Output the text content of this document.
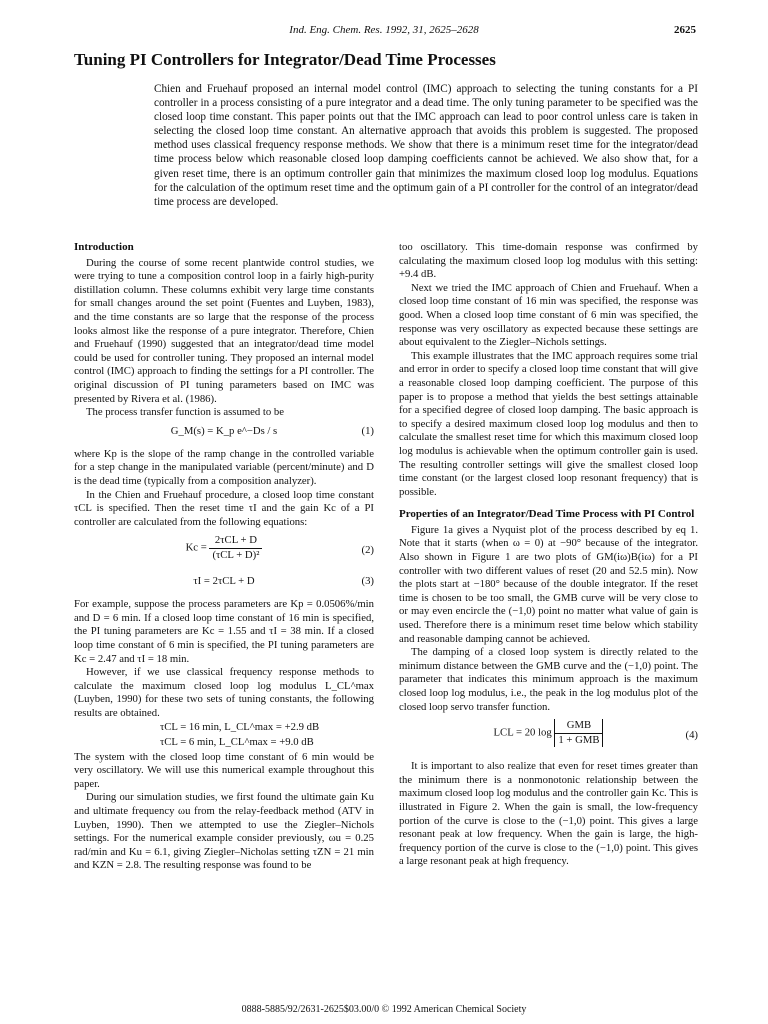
Ind. Eng. Chem. Res. 1992, 31, 2625–2628	2625
Tuning PI Controllers for Integrator/Dead Time Processes
Chien and Fruehauf proposed an internal model control (IMC) approach to selecting the tuning constants for a PI controller in a process consisting of a pure integrator and a dead time. The only tuning parameter to be specified was the closed loop time constant. This paper points out that the IMC approach can lead to poor control unless care is taken in selecting the closed loop time constant. An alternative approach that avoids this problem is suggested. The proposed method uses classical frequency response methods. We show that there is a minimum reset time for the integrator/dead time process below which reasonable closed loop damping coefficients cannot be achieved. We also show that, for a given reset time, there is an optimum controller gain that minimizes the maximum closed loop log modulus. Equations for the calculation of the optimum reset time and the optimum gain of a PI controller for the control of an integrator/dead time process are developed.
Introduction

During the course of some recent plantwide control studies, we were trying to tune a composition control loop in a fairly high-purity distillation column. These columns exhibit very large time constants for small changes around the set point (Fuentes and Luyben, 1983), and the time constants are so large that the response of the process looks almost like the response of a pure integrator. Therefore, Chien and Fruehauf (1990) suggested that an integrator/dead time model could be used for controller tuning. They proposed an internal model control (IMC) approach to finding the settings for a PI controller. The original discussion of PI tuning parameters based on IMC was presented by Rivera et al. (1986).

The process transfer function is assumed to be

G_M(s) = K_p e^−Ds / s	(1)

where Kp is the slope of the ramp change in the controlled variable for a step change in the manipulated variable (percent/minute) and D is the dead time (typically from a composition analyzer).

In the Chien and Fruehauf procedure, a closed loop time constant τCL is specified. Then the reset time τI and the gain Kc of a PI controller are calculated from the following equations:

$Kc = \frac{\text{2τCL + D}}{\text{(τCL + D)²}}$	(2)
τI = 2τCL + D	(3)

For example, suppose the process parameters are Kp = 0.0506%/min and D = 6 min. If a closed loop time constant of 16 min is specified, the PI tuning parameters are Kc = 1.55 and τI = 38 min. If a closed loop time constant of 6 min is specified, the PI tuning parameters are Kc = 2.47 and τI = 18 min.

However, if we use classical frequency response methods to calculate the maximum closed loop log modulus L_CL^max (Luyben, 1990) for these two sets of tuning constants, the following results are obtained.

τCL = 16 min, L_CL^max = +2.9 dB
τCL = 6 min, L_CL^max = +9.0 dB

The system with the closed loop time constant of 6 min would be very oscillatory. We will use this numerical example throughout this paper.

During our simulation studies, we first found the ultimate gain Ku and ultimate frequency ωu from the relay-feedback method (ATV in Luyben, 1990). Then we attempted to use the Ziegler–Nichols settings. For the numerical example consider previously, ωu = 0.25 rad/min and Ku = 6.1, giving Ziegler–Nicholas setting τZN = 21 min and KZN = 2.8. The resulting response was found to be

too oscillatory. This time-domain response was confirmed by calculating the maximum closed loop log modulus with this setting: +9.4 dB.

Next we tried the IMC approach of Chien and Fruehauf. When a closed loop time constant of 16 min was specified, the response was good. When a closed loop time constant of 6 min was specified, the response was very oscillatory as expected because these settings are about equivalent to the Ziegler–Nichols settings.

This example illustrates that the IMC approach requires some trial and error in order to specify a closed loop time constant that will give a reasonable closed loop damping coefficient. The purpose of this paper is to propose a method that yields the best settings attainable for a specified degree of closed loop damping. The basic approach is to specify a desired maximum closed loop log modulus and then to calculate the smallest reset time for which this maximum closed loop log modulus is achievable when the optimum controller gain is used. The resulting controller settings will give the smallest closed loop time constant (or the largest closed loop resonant frequency) that is possible.

Properties of an Integrator/Dead Time Process with PI Control

Figure 1a gives a Nyquist plot of the process described by eq 1. Note that it starts (when ω = 0) at −90° because of the integrator. Also shown in Figure 1 are two plots of GM(iω)B(iω) for a PI controller with two different values of reset (20 and 52.5 min). Now the plots start at −180° because of the double integrator. If the reset time is chosen to be too small, the GMB curve will be very close to or may even encircle the (−1,0) point no matter what value of gain is used. Therefore there is a minimum reset time below which stability and reasonable damping cannot be achieved.

The damping of a closed loop system is directly related to the minimum distance between the GMB curve and the (−1,0) point. The parameter that indicates this minimum approach is the maximum closed loop log modulus, i.e., the peak in the log modulus plot of the closed loop servo transfer function.

LCL = 20 $\log \frac{\text{GMB}}{\text{1 + GMB}}$	(4)

It is important to also realize that even for reset times greater than the minimum there is a nonmonotonic relationship between the maximum closed loop log modulus and the controller gain Kc. This is illustrated in Figure 2. When the gain is small, the low-frequency portion of the curve is close to the (−1,0) point. This gives a large resonant peak at low frequency. When the gain is large, the high-frequency portion of the curve is close to the (−1,0) point. This gives a large resonant peak at high frequency.

0888-5885/92/2631-2625$03.00/0 © 1992 American Chemical Society
